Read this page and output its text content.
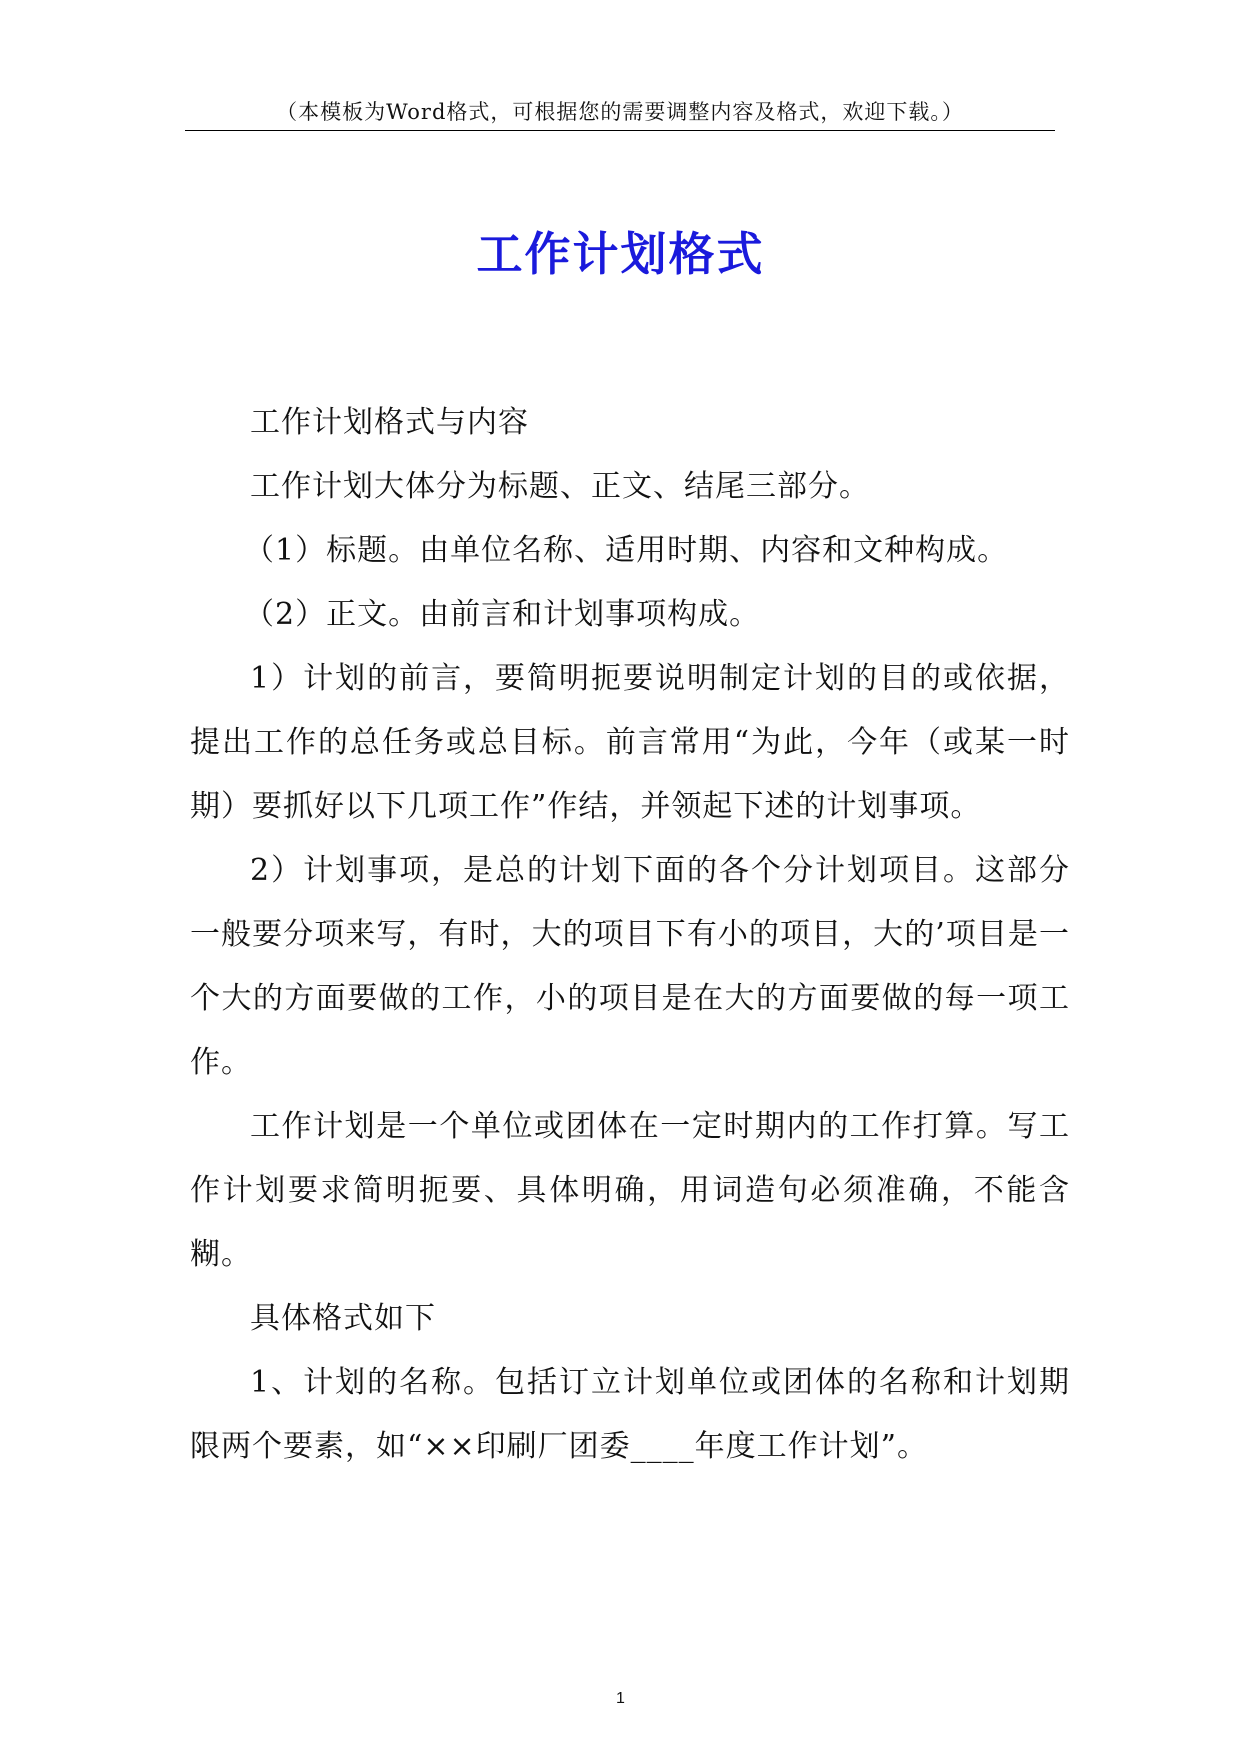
（本模板为Word格式，可根据您的需要调整内容及格式，欢迎下载。）
工作计划格式

工作计划格式与内容

工作计划大体分为标题、正文、结尾三部分。

（1）标题。由单位名称、适用时期、内容和文种构成。

（2）正文。由前言和计划事项构成。

1）计划的前言，要简明扼要说明制定计划的目的或依据，提出工作的总任务或总目标。前言常用“为此，今年（或某一时期）要抓好以下几项工作”作结，并领起下述的计划事项。

2）计划事项，是总的计划下面的各个分计划项目。这部分一般要分项来写，有时，大的项目下有小的项目，大的’项目是一个大的方面要做的工作，小的项目是在大的方面要做的每一项工作。

工作计划是一个单位或团体在一定时期内的工作打算。写工作计划要求简明扼要、具体明确，用词造句必须准确，不能含糊。

具体格式如下

1、计划的名称。包括订立计划单位或团体的名称和计划期限两个要素，如“××印刷厂团委____年度工作计划”。

1
